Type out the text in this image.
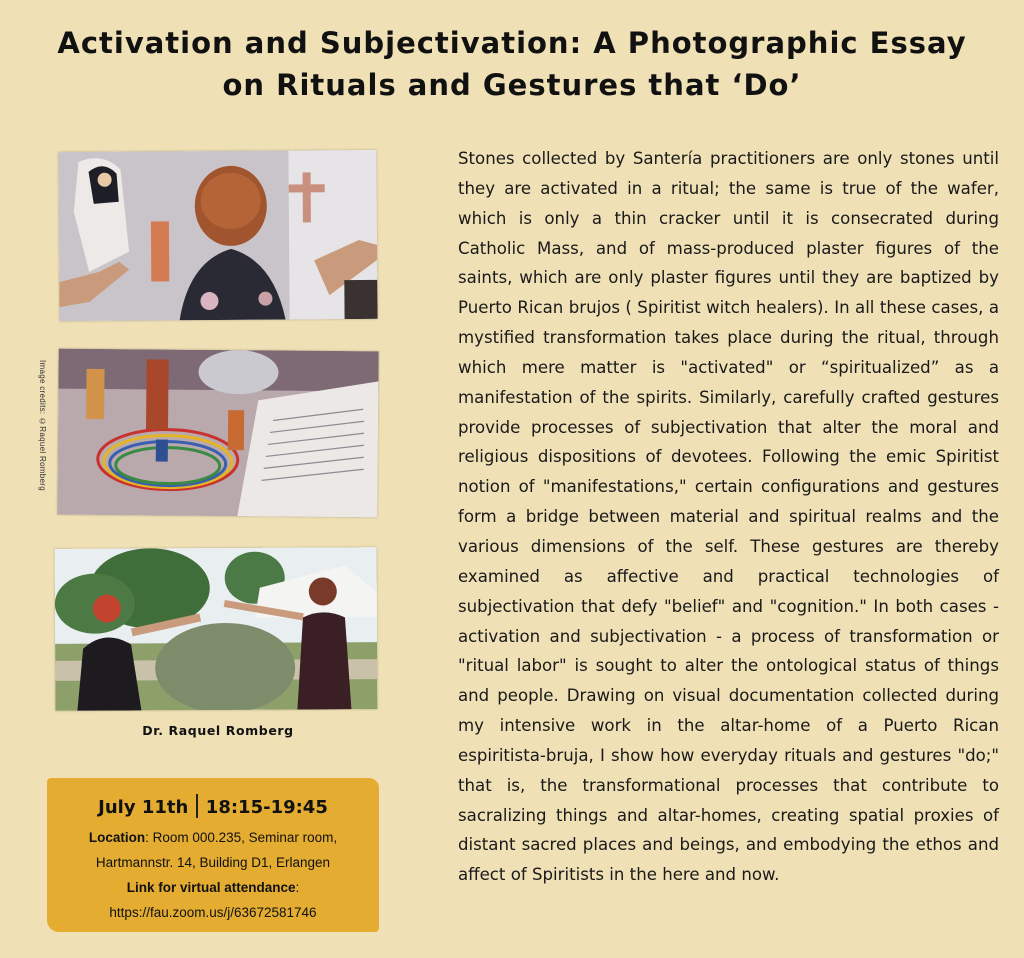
Activation and Subjectivation: A Photographic Essay
on Rituals and Gestures that ‘Do’
Image credits: ©Raquel Romberg
Dr. Raquel Romberg
July 11th 18:15-19:45
Location: Room 000.235, Seminar room,
Hartmannstr. 14, Building D1, Erlangen
Link for virtual attendance:
https://fau.zoom.us/j/63672581746

Stones collected by Santería practitioners are only stones until they are activated in a ritual; the same is true of the wafer, which is only a thin cracker until it is consecrated during Catholic Mass, and of mass-produced plaster figures of the saints, which are only plaster figures until they are baptized by Puerto Rican brujos ( Spiritist witch healers). In all these cases, a mystified transformation takes place during the ritual, through which mere matter is "activated" or “spiritualized” as a manifestation of the spirits. Similarly, carefully crafted gestures provide processes of subjectivation that alter the moral and religious dispositions of devotees. Following the emic Spiritist notion of "manifestations," certain configurations and gestures form a bridge between material and spiritual realms and the various dimensions of the self. These gestures are thereby examined as affective and practical technologies of subjectivation that defy "belief" and "cognition." In both cases - activation and subjectivation - a process of transformation or "ritual labor" is sought to alter the ontological status of things and people. Drawing on visual documentation collected during my intensive work in the altar-home of a Puerto Rican espiritista-bruja, I show how everyday rituals and gestures "do;" that is, the transformational processes that contribute to sacralizing things and altar-homes, creating spatial proxies of distant sacred places and beings, and embodying the ethos and affect of Spiritists in the here and now.
